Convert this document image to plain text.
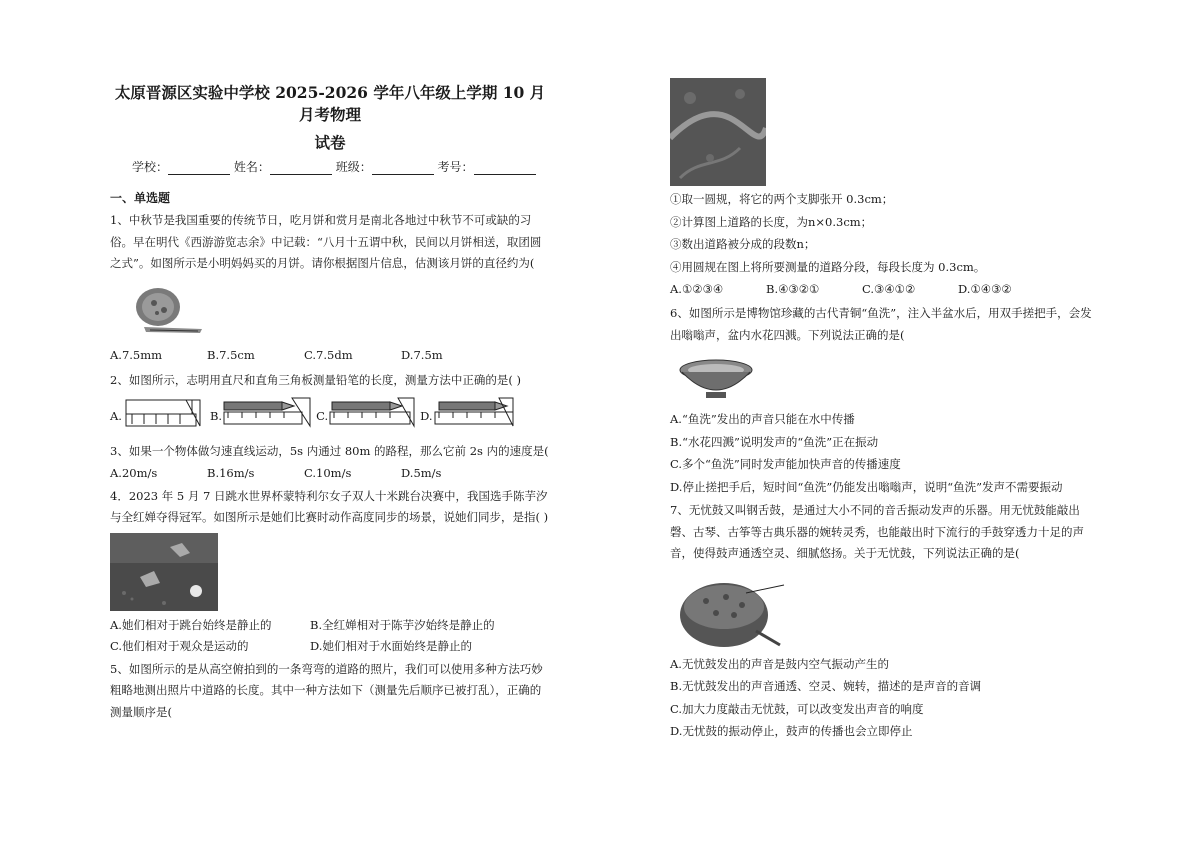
太原晋源区实验中学校 2025-2026 学年八年级上学期 10 月月考物理
试卷
学校：	姓名：	班级：	考号：
一、单选题

1、中秋节是我国重要的传统节日，吃月饼和赏月是南北各地过中秋节不可或缺的习俗。早在明代《西游游览志余》中记载：“八月十五谓中秋，民间以月饼相送，取团圆之式”。如图所示是小明妈妈买的月饼。请你根据图片信息，估测该月饼的直径约为(

A.7.5mm	B.7.5cm	C.7.5dm	D.7.5m

2、如图所示，志明用直尺和直角三角板测量铅笔的长度，测量方法中正确的是( )

A.	B.	C.	D.

3、如果一个物体做匀速直线运动，5s 内通过 80m 的路程，那么它前 2s 内的速度是(

A.20m/s	B.16m/s	C.10m/s	D.5m/s

4．2023 年 5 月 7 日跳水世界杯蒙特利尔女子双人十米跳台决赛中，我国选手陈芋汐与全红婵夺得冠军。如图所示是她们比赛时动作高度同步的场景，说她们同步，是指( )

A.她们相对于跳台始终是静止的	B.全红婵相对于陈芋汐始终是静止的
C.他们相对于观众是运动的	D.她们相对于水面始终是静止的

5、如图所示的是从高空俯拍到的一条弯弯的道路的照片，我们可以使用多种方法巧妙粗略地测出照片中道路的长度。其中一种方法如下（测量先后顺序已被打乱），正确的测量顺序是(

①取一圆规，将它的两个支脚张开 0.3cm；

②计算图上道路的长度，为n×0.3cm；

③数出道路被分成的段数n；

④用圆规在图上将所要测量的道路分段，每段长度为 0.3cm。

A.①②③④	B.④③②①	C.③④①②	D.①④③②

6、如图所示是博物馆珍藏的古代青铜“鱼洗”，注入半盆水后，用双手搓把手，会发出嗡嗡声，盆内水花四溅。下列说法正确的是(

A.“鱼洗”发出的声音只能在水中传播

B.“水花四溅”说明发声的“鱼洗”正在振动

C.多个“鱼洗”同时发声能加快声音的传播速度

D.停止搓把手后，短时间“鱼洗”仍能发出嗡嗡声，说明“鱼洗”发声不需要振动

7、无忧鼓又叫钢舌鼓，是通过大小不同的音舌振动发声的乐器。用无忧鼓能敲出磬、古琴、古筝等古典乐器的婉转灵秀，也能敲出时下流行的手鼓穿透力十足的声音，使得鼓声通透空灵、细腻悠扬。关于无忧鼓，下列说法正确的是(

A.无忧鼓发出的声音是鼓内空气振动产生的

B.无忧鼓发出的声音通透、空灵、婉转，描述的是声音的音调

C.加大力度敲击无忧鼓，可以改变发出声音的响度

D.无忧鼓的振动停止，鼓声的传播也会立即停止
